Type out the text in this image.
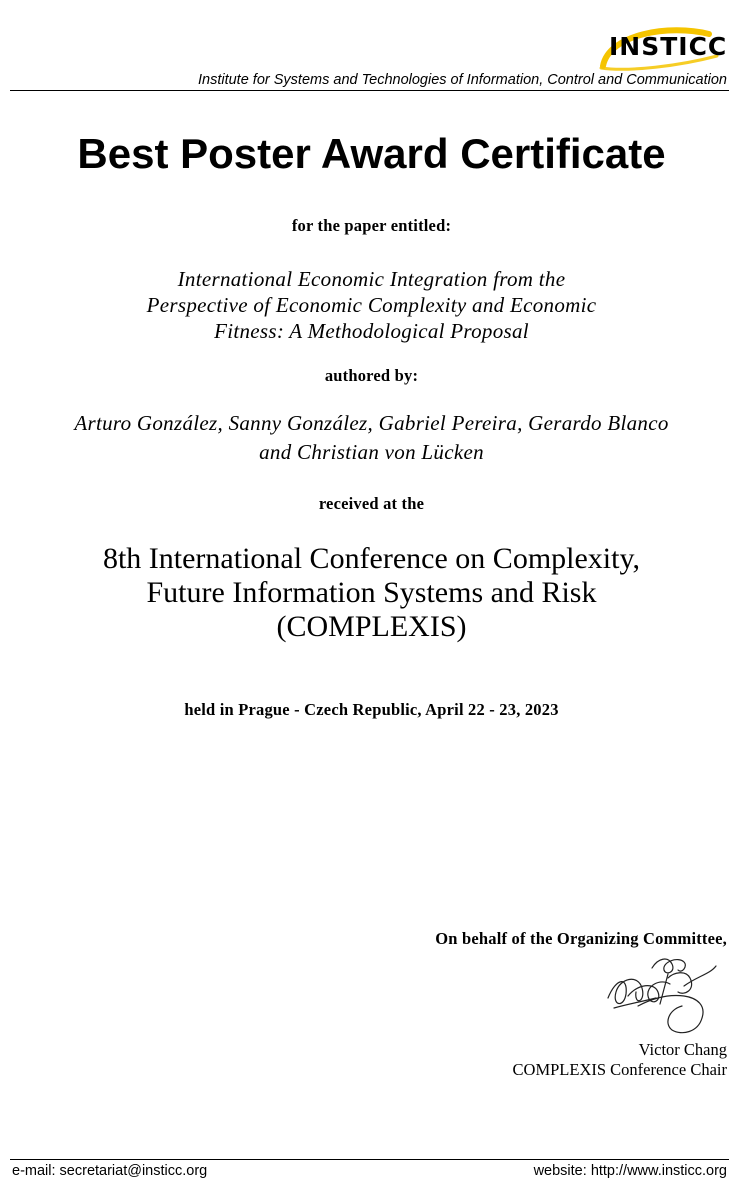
INSTICC
Institute for Systems and Technologies of Information, Control and Communication
Best Poster Award Certificate
for the paper entitled:
International Economic Integration from the
Perspective of Economic Complexity and Economic
Fitness: A Methodological Proposal
authored by:
Arturo González, Sanny González, Gabriel Pereira, Gerardo Blanco
and Christian von Lücken
received at the
8th International Conference on Complexity,
Future Information Systems and Risk
(COMPLEXIS)
held in Prague - Czech Republic, April 22 - 23, 2023
On behalf of the Organizing Committee,
Victor Chang
COMPLEXIS Conference Chair
e-mail: secretariat@insticc.org	website: http://www.insticc.org
